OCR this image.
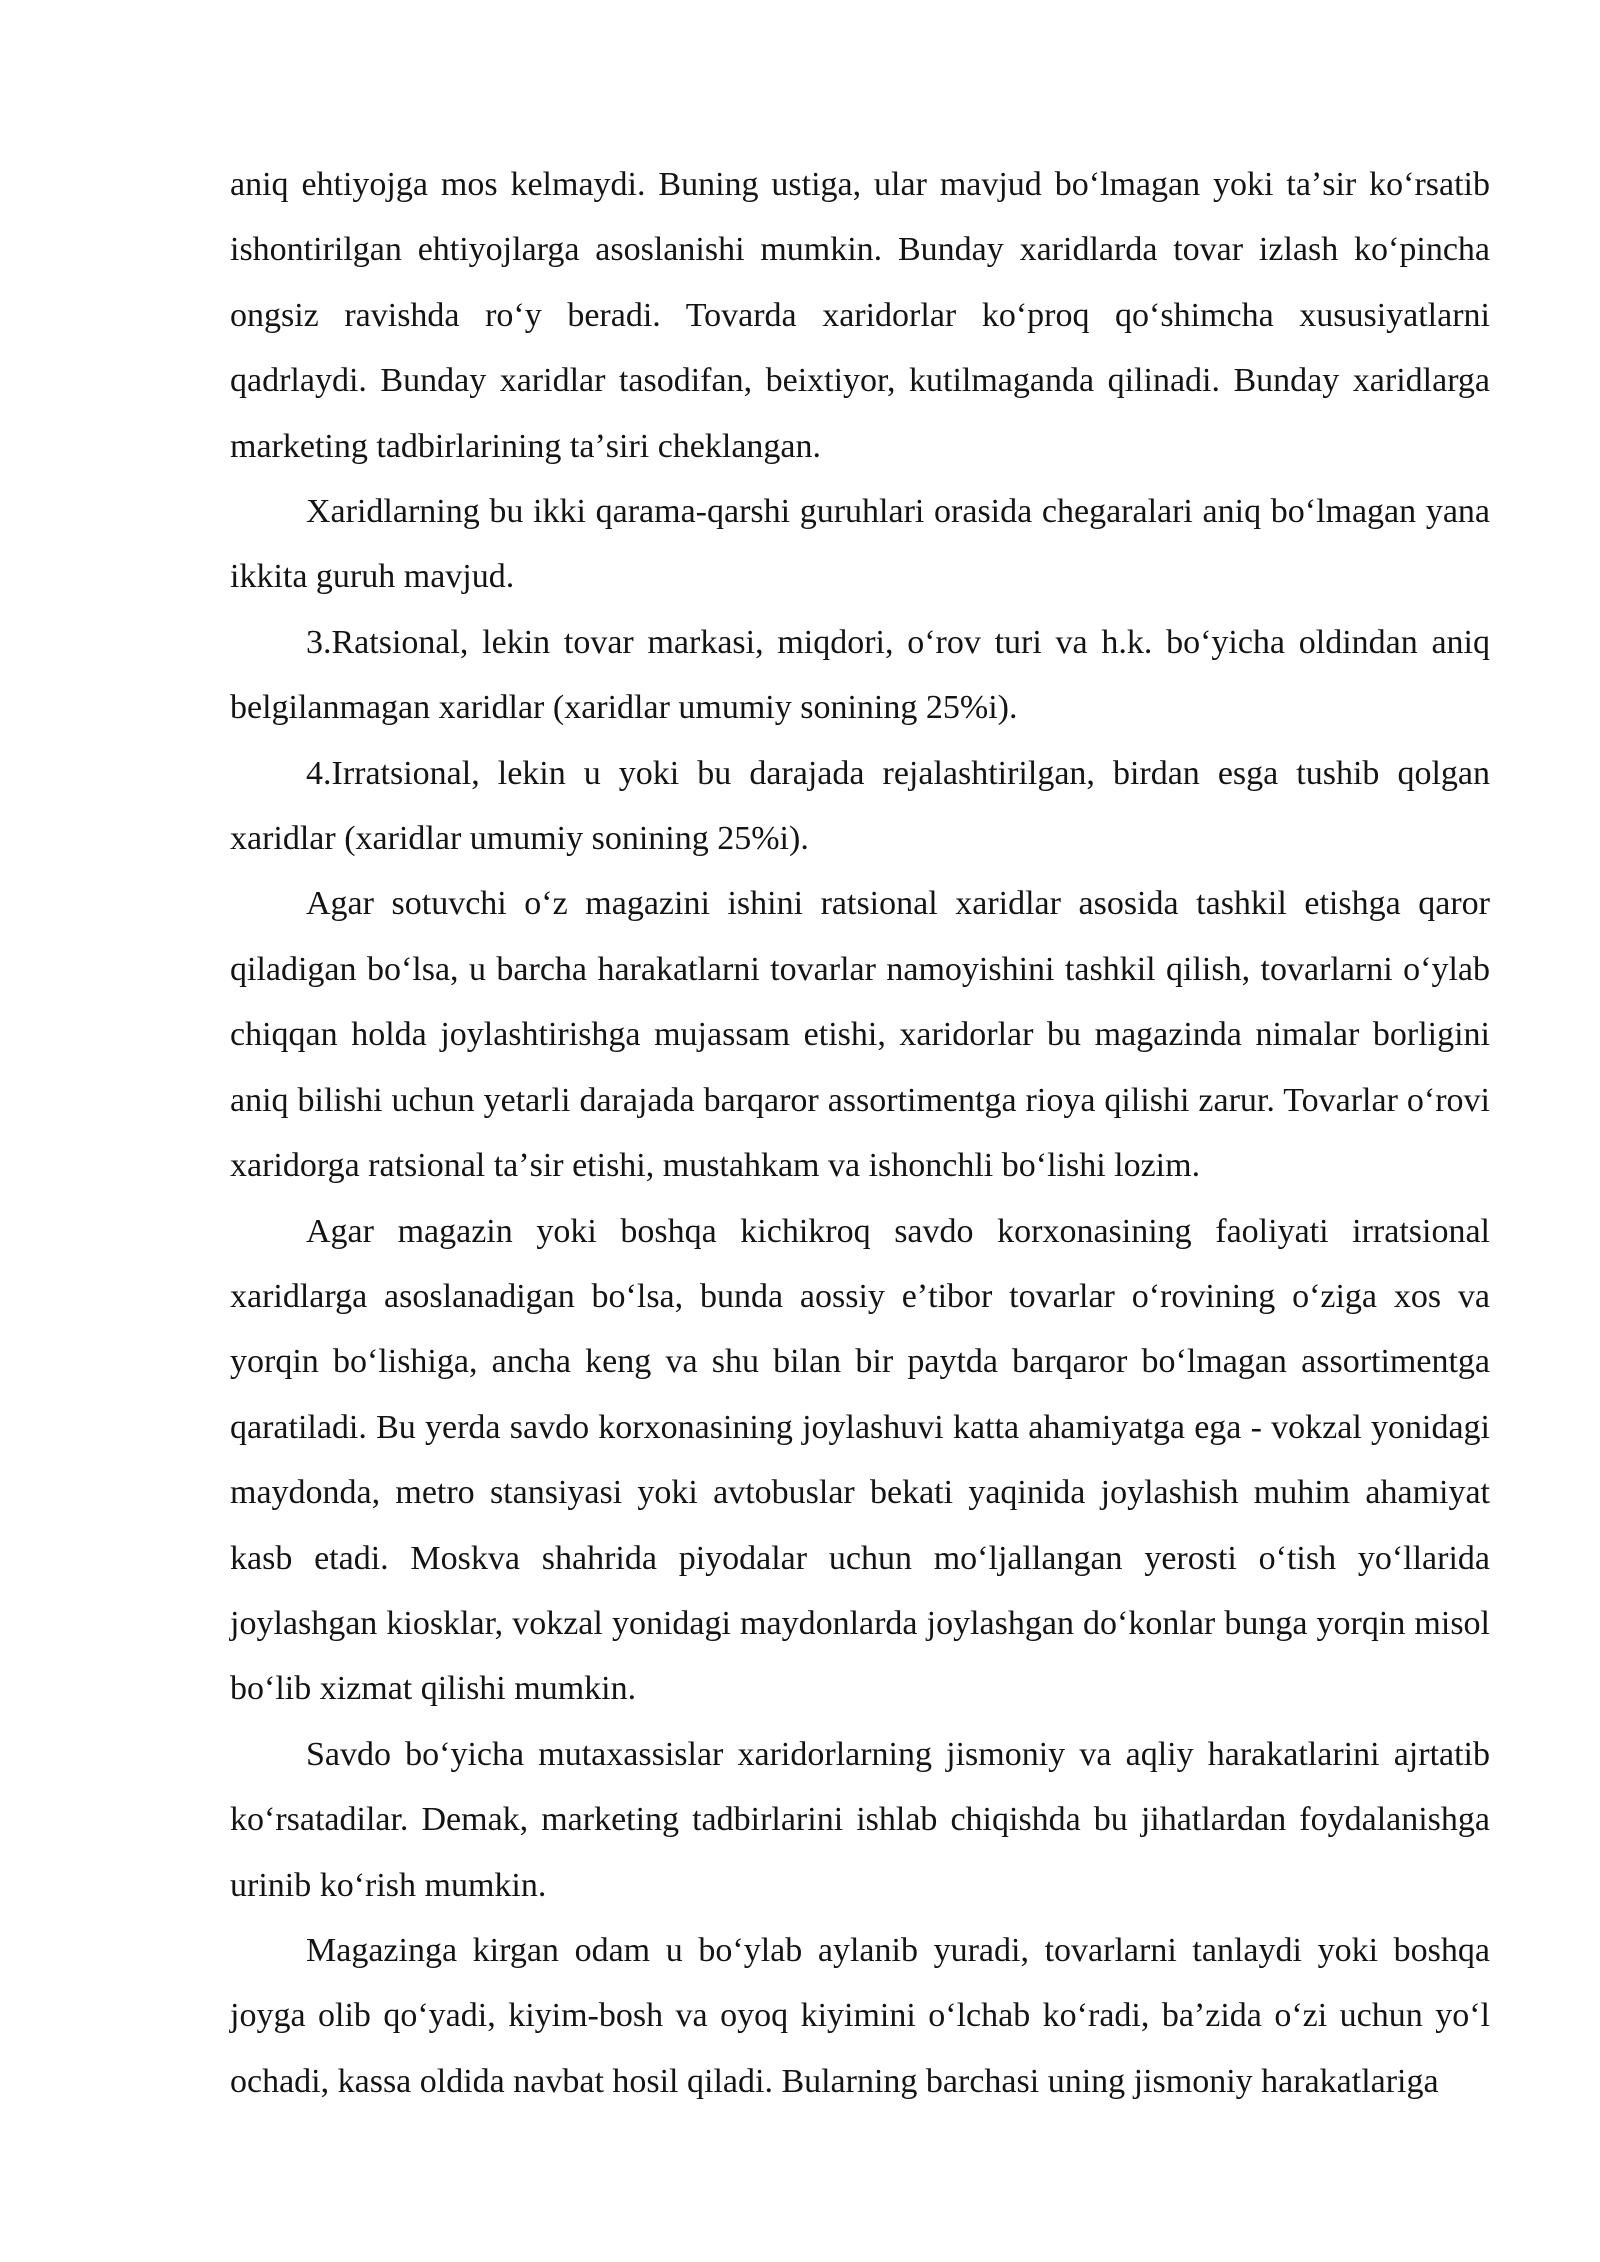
aniq ehtiyojga mos kelmaydi. Buning ustiga, ular mavjud boʻlmagan yoki taʼsir koʻrsatib ishontirilgan ehtiyojlarga asoslanishi mumkin. Bunday xaridlarda tovar izlash koʻpincha ongsiz ravishda roʻy beradi. Tovarda xaridorlar koʻproq qoʻshimcha xususiyatlarni qadrlaydi. Bunday xaridlar tasodifan, beixtiyor, kutilmaganda qilinadi. Bunday xaridlarga marketing tadbirlarining taʼsiri cheklangan.

Xaridlarning bu ikki qarama-qarshi guruhlari orasida chegaralari aniq boʻlmagan yana ikkita guruh mavjud.

3.Ratsional, lekin tovar markasi, miqdori, oʻrov turi va h.k. boʻyicha oldindan aniq belgilanmagan xaridlar (xaridlar umumiy sonining 25%i).

4.Irratsional, lekin u yoki bu darajada rejalashtirilgan, birdan esga tushib qolgan xaridlar (xaridlar umumiy sonining 25%i).

Agar sotuvchi oʻz magazini ishini ratsional xaridlar asosida tashkil etishga qaror qiladigan boʻlsa, u barcha harakatlarni tovarlar namoyishini tashkil qilish, tovarlarni oʻylab chiqqan holda joylashtirishga mujassam etishi, xaridorlar bu magazinda nimalar borligini aniq bilishi uchun yetarli darajada barqaror assortimentga rioya qilishi zarur. Tovarlar oʻrovi xaridorga ratsional taʼsir etishi, mustahkam va ishonchli boʻlishi lozim.

Agar magazin yoki boshqa kichikroq savdo korxonasining faoliyati irratsional xaridlarga asoslanadigan boʻlsa, bunda aossiy eʼtibor tovarlar oʻrovining oʻziga xos va yorqin boʻlishiga, ancha keng va shu bilan bir paytda barqaror boʻlmagan assortimentga qaratiladi. Bu yerda savdo korxonasining joylashuvi katta ahamiyatga ega - vokzal yonidagi maydonda, metro stansiyasi yoki avtobuslar bekati yaqinida joylashish muhim ahamiyat kasb etadi. Moskva shahrida piyodalar uchun moʻljallangan yerosti oʻtish yoʻllarida joylashgan kiosklar, vokzal yonidagi maydonlarda joylashgan doʻkonlar bunga yorqin misol boʻlib xizmat qilishi mumkin.

Savdo boʻyicha mutaxassislar xaridorlarning jismoniy va aqliy harakatlarini ajrtatib koʻrsatadilar. Demak, marketing tadbirlarini ishlab chiqishda bu jihatlardan foydalanishga urinib koʻrish mumkin.

Magazinga kirgan odam u boʻylab aylanib yuradi, tovarlarni tanlaydi yoki boshqa joyga olib qoʻyadi, kiyim-bosh va oyoq kiyimini oʻlchab koʻradi, baʼzida oʻzi uchun yoʻl ochadi, kassa oldida navbat hosil qiladi. Bularning barchasi uning jismoniy harakatlariga
